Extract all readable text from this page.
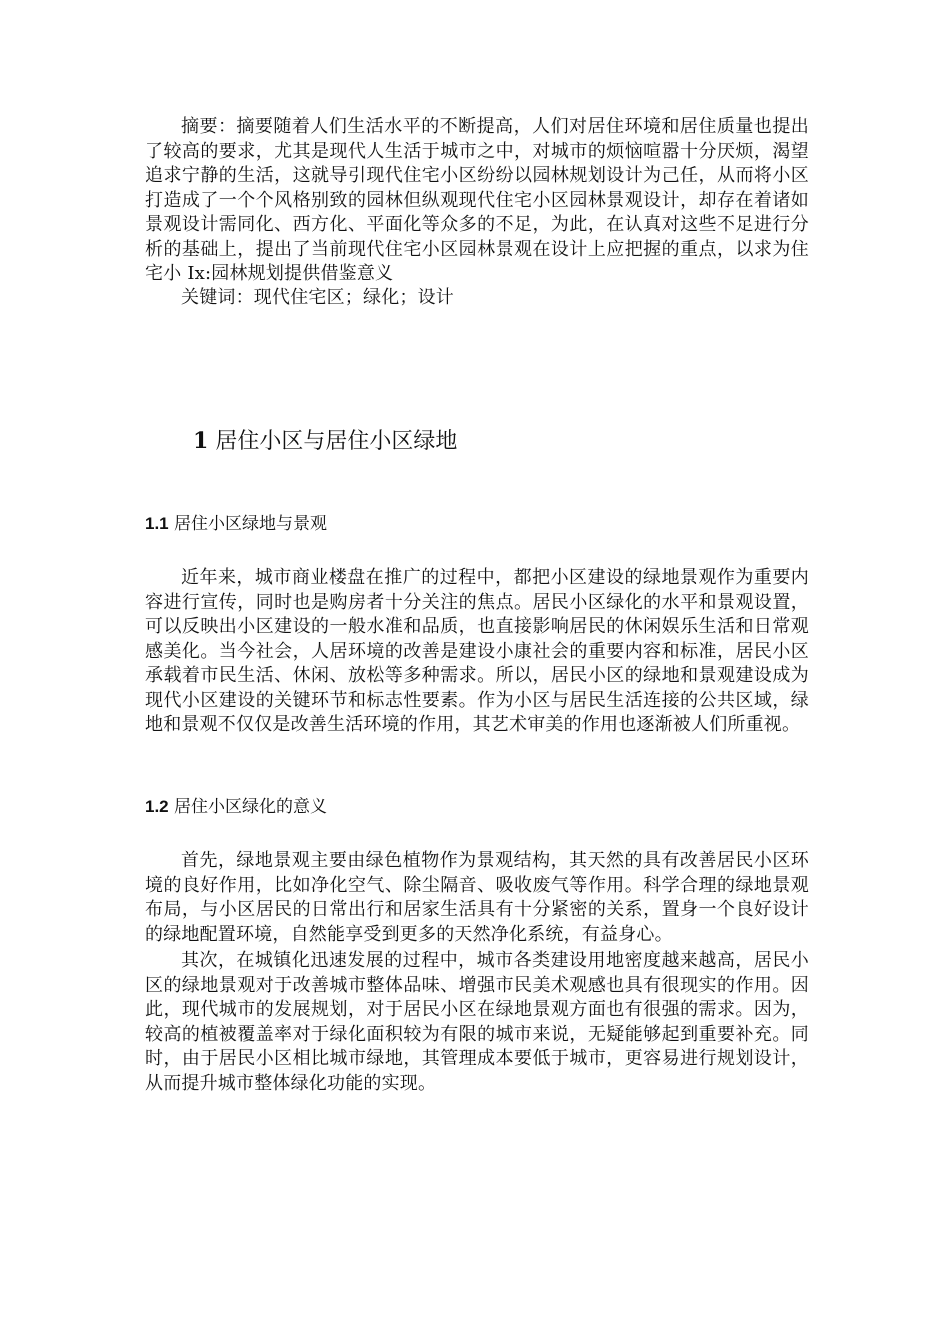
摘要：摘要随着人们生活水平的不断提高，人们对居住环境和居住质量也提出了较高的要求，尤其是现代人生活于城市之中，对城市的烦恼喧嚣十分厌烦，渴望追求宁静的生活，这就导引现代住宅小区纷纷以园林规划设计为己任，从而将小区打造成了一个个风格别致的园林但纵观现代住宅小区园林景观设计，却存在着诸如景观设计需同化、西方化、平面化等众多的不足，为此，在认真对这些不足进行分析的基础上，提出了当前现代住宅小区园林景观在设计上应把握的重点，以求为住宅小 Ix:园林规划提供借鉴意义

关键词：现代住宅区；绿化；设计

1 居住小区与居住小区绿地
1.1 居住小区绿地与景观

近年来，城市商业楼盘在推广的过程中，都把小区建设的绿地景观作为重要内容进行宣传，同时也是购房者十分关注的焦点。居民小区绿化的水平和景观设置，可以反映出小区建设的一般水准和品质，也直接影响居民的休闲娱乐生活和日常观感美化。当今社会，人居环境的改善是建设小康社会的重要内容和标准，居民小区承载着市民生活、休闲、放松等多种需求。所以，居民小区的绿地和景观建设成为现代小区建设的关键环节和标志性要素。作为小区与居民生活连接的公共区域，绿地和景观不仅仅是改善生活环境的作用，其艺术审美的作用也逐渐被人们所重视。

1.2 居住小区绿化的意义

首先，绿地景观主要由绿色植物作为景观结构，其天然的具有改善居民小区环境的良好作用，比如净化空气、除尘隔音、吸收废气等作用。科学合理的绿地景观布局，与小区居民的日常出行和居家生活具有十分紧密的关系，置身一个良好设计的绿地配置环境，自然能享受到更多的天然净化系统，有益身心。

其次，在城镇化迅速发展的过程中，城市各类建设用地密度越来越高，居民小区的绿地景观对于改善城市整体品味、增强市民美术观感也具有很现实的作用。因此，现代城市的发展规划，对于居民小区在绿地景观方面也有很强的需求。因为，较高的植被覆盖率对于绿化面积较为有限的城市来说，无疑能够起到重要补充。同时，由于居民小区相比城市绿地，其管理成本要低于城市，更容易进行规划设计，从而提升城市整体绿化功能的实现。
